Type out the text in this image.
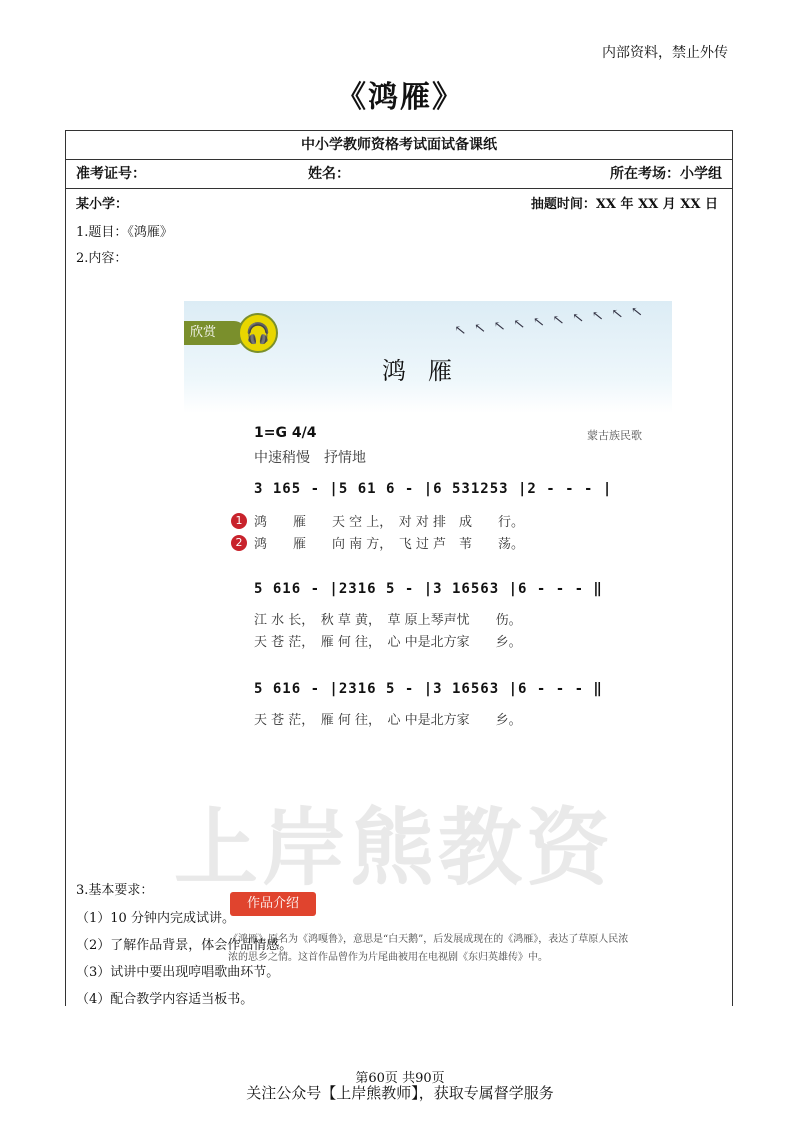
内部资料，禁止外传
《鸿雁》
中小学教师资格考试面试备课纸
准考证号：	姓名：	所在考场：小学组
某小学：	抽题时间：XX 年 XX 月 XX 日
1.题目：《鸿雁》
2.内容：
欣赏	🎧	↖↖↖↖↖↖↖↖↖↖
鸿雁
1=G 4/4	蒙古族民歌
中速稍慢　抒情地
3 165 - |5 61 6 - |6 531253 |2 - - - |
1 鸿　　雁　　天 空 上，　对 对 排　成　　行。
2 鸿　　雁　　向 南 方，　飞 过 芦　苇　　荡。
5 616 - |2316 5 - |3 16563 |6 - - - ‖
江 水 长，　秋 草 黄，　草 原上琴声忧　　伤。
天 苍 茫，　雁 何 往，　心 中是北方家　　乡。
5 616 - |2316 5 - |3 16563 |6 - - - ‖
天 苍 茫，　雁 何 往，　心 中是北方家　　乡。
作品介绍
《鸿雁》原名为《鸿嘎鲁》，意思是“白天鹅”，后发展成现在的《鸿雁》，表达了草原人民浓浓的思乡之情。这首作品曾作为片尾曲被用在电视剧《东归英雄传》中。
上岸熊教资
3.基本要求：
（1）10 分钟内完成试讲。
（2）了解作品背景，体会作品情感。
（3）试讲中要出现哼唱歌曲环节。
（4）配合教学内容适当板书。
第60页 共90页
关注公众号【上岸熊教师】，获取专属督学服务
